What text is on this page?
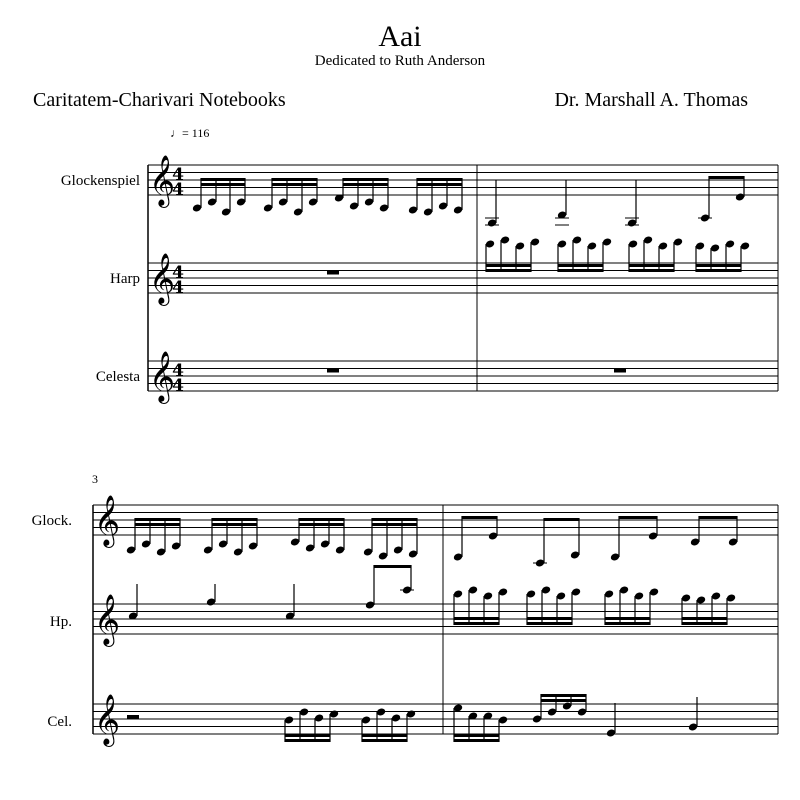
Aai
Dedicated to Ruth Anderson
Caritatem-Charivari Notebooks	Dr. Marshall A. Thomas
♩= 116
3
Glockenspiel
Harp
Celesta
Glock.
Hp.
Cel.
𝄞
4
4
𝄞
4
4
𝄞
4
4
𝄞
𝄞
𝄞
